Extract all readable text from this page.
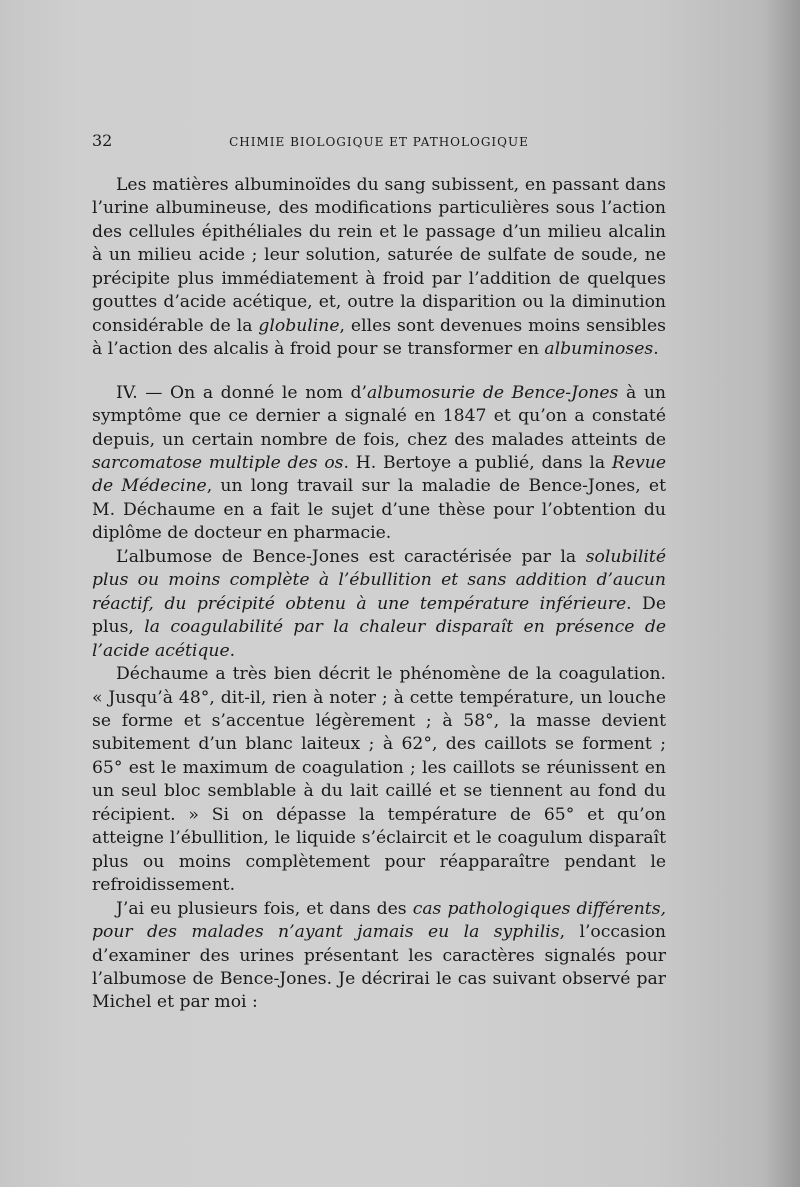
32	CHIMIE BIOLOGIQUE ET PATHOLOGIQUE

Les matières albuminoïdes du sang subissent, en passant dans l’urine albumineuse, des modifications particulières sous l’action des cellules épithéliales du rein et le passage d’un milieu alcalin à un milieu acide ; leur solution, saturée de sulfate de soude, ne précipite plus immédiatement à froid par l’addition de quelques gouttes d’acide acétique, et, outre la disparition ou la diminution considérable de la globuline, elles sont devenues moins sensibles à l’action des alcalis à froid pour se transformer en albuminoses.

IV. — On a donné le nom d’albumosurie de Bence-Jones à un symptôme que ce dernier a signalé en 1847 et qu’on a constaté depuis, un certain nombre de fois, chez des malades atteints de sarcomatose multiple des os. H. Bertoye a publié, dans la Revue de Médecine, un long travail sur la maladie de Bence-Jones, et M. Déchaume en a fait le sujet d’une thèse pour l’obtention du diplôme de docteur en pharmacie.

L’albumose de Bence-Jones est caractérisée par la solubilité plus ou moins complète à l’ébullition et sans addition d’aucun réactif, du précipité obtenu à une température inférieure. De plus, la coagulabilité par la chaleur disparaît en présence de l’acide acétique.

Déchaume a très bien décrit le phénomène de la coagulation. « Jusqu’à 48°, dit-il, rien à noter ; à cette température, un louche se forme et s’accentue légèrement ; à 58°, la masse devient subitement d’un blanc laiteux ; à 62°, des caillots se forment ; 65° est le maximum de coagulation ; les caillots se réunissent en un seul bloc semblable à du lait caillé et se tiennent au fond du récipient. » Si on dépasse la température de 65° et qu’on atteigne l’ébullition, le liquide s’éclaircit et le coagulum disparaît plus ou moins complètement pour réapparaître pendant le refroidissement.

J’ai eu plusieurs fois, et dans des cas pathologiques différents, pour des malades n’ayant jamais eu la syphilis, l’occasion d’examiner des urines présentant les caractères signalés pour l’albumose de Bence-Jones. Je décrirai le cas suivant observé par Michel et par moi :
